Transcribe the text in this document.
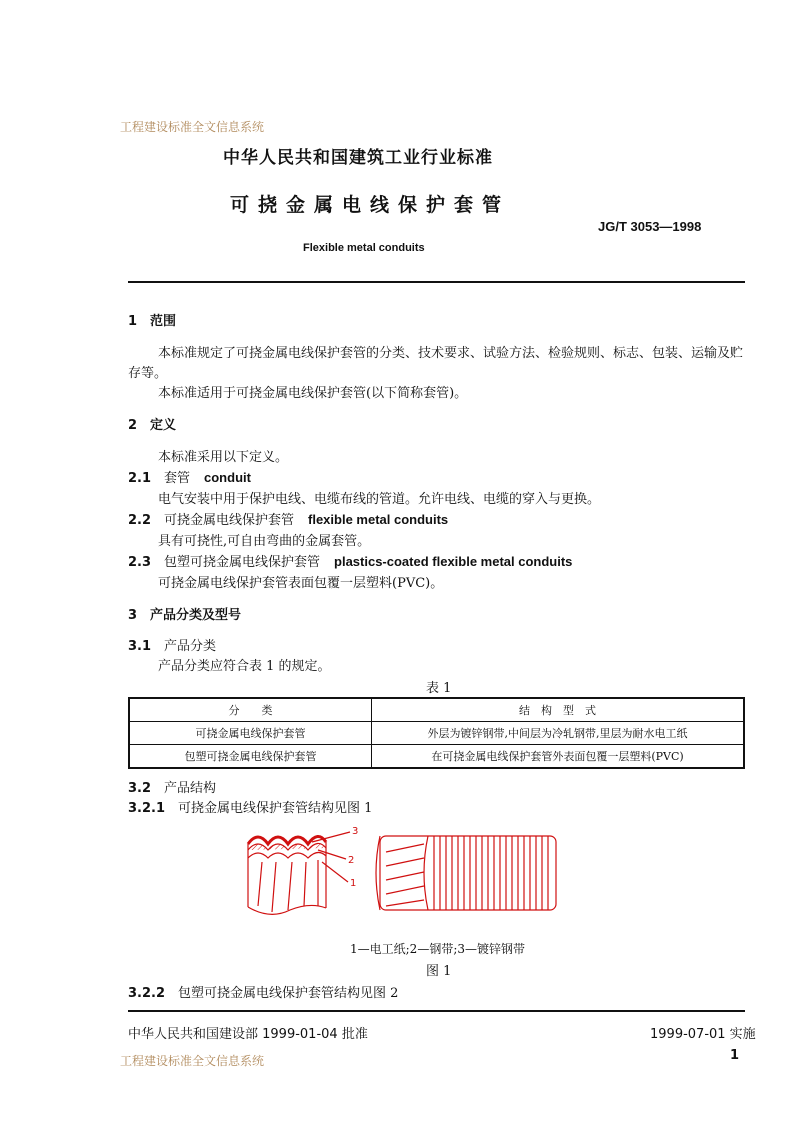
工程建设标准全文信息系统
中华人民共和国建筑工业行业标准
可挠金属电线保护套管
JG/T 3053—1998
Flexible metal conduits
1 范围
本标准规定了可挠金属电线保护套管的分类、技术要求、试验方法、检验规则、标志、包装、运输及贮
存等。
本标准适用于可挠金属电线保护套管(以下简称套管)。
2 定义
本标准采用以下定义。
2.1 套管 conduit
电气安装中用于保护电线、电缆布线的管道。允许电线、电缆的穿入与更换。
2.2 可挠金属电线保护套管 flexible metal conduits
具有可挠性,可自由弯曲的金属套管。
2.3 包塑可挠金属电线保护套管 plastics-coated flexible metal conduits
可挠金属电线保护套管表面包覆一层塑料(PVC)。
3 产品分类及型号
3.1 产品分类
产品分类应符合表 1 的规定。
表 1
分　　类	结　构　型　式
可挠金属电线保护套管	外层为镀锌钢带,中间层为冷轧钢带,里层为耐水电工纸
包塑可挠金属电线保护套管	在可挠金属电线保护套管外表面包覆一层塑料(PVC)
3.2 产品结构
3.2.1 可挠金属电线保护套管结构见图 1
3
2
1
1—电工纸;2—钢带;3—镀锌钢带
图 1
3.2.2 包塑可挠金属电线保护套管结构见图 2
中华人民共和国建设部 1999-01-04 批准	1999-07-01 实施
工程建设标准全文信息系统	1
